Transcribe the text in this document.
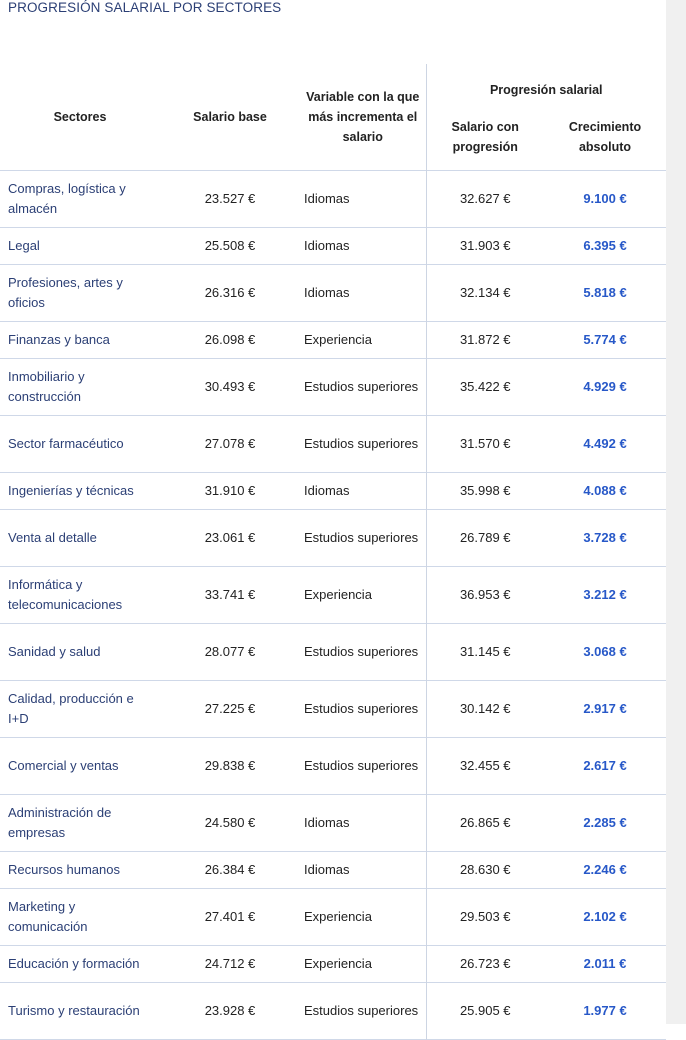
PROGRESIÓN SALARIAL POR SECTORES
Sectores	Salario base	Variable con la que más incrementa el salario	Progresión salarial	
			Salario con progresión	Crecimiento absoluto
Compras, logística y almacén	23.527 €	Idiomas	32.627 €	9.100 €
Legal	25.508 €	Idiomas	31.903 €	6.395 €
Profesiones, artes y oficios	26.316 €	Idiomas	32.134 €	5.818 €
Finanzas y banca	26.098 €	Experiencia	31.872 €	5.774 €
Inmobiliario y construcción	30.493 €	Estudios superiores	35.422 €	4.929 €
Sector farmacéutico	27.078 €	Estudios superiores	31.570 €	4.492 €
Ingenierías y técnicas	31.910 €	Idiomas	35.998 €	4.088 €
Venta al detalle	23.061 €	Estudios superiores	26.789 €	3.728 €
Informática y telecomunicaciones	33.741 €	Experiencia	36.953 €	3.212 €
Sanidad y salud	28.077 €	Estudios superiores	31.145 €	3.068 €
Calidad, producción e I+D	27.225 €	Estudios superiores	30.142 €	2.917 €
Comercial y ventas	29.838 €	Estudios superiores	32.455 €	2.617 €
Administración de empresas	24.580 €	Idiomas	26.865 €	2.285 €
Recursos humanos	26.384 €	Idiomas	28.630 €	2.246 €
Marketing y comunicación	27.401 €	Experiencia	29.503 €	2.102 €
Educación y formación	24.712 €	Experiencia	26.723 €	2.011 €
Turismo y restauración	23.928 €	Estudios superiores	25.905 €	1.977 €
